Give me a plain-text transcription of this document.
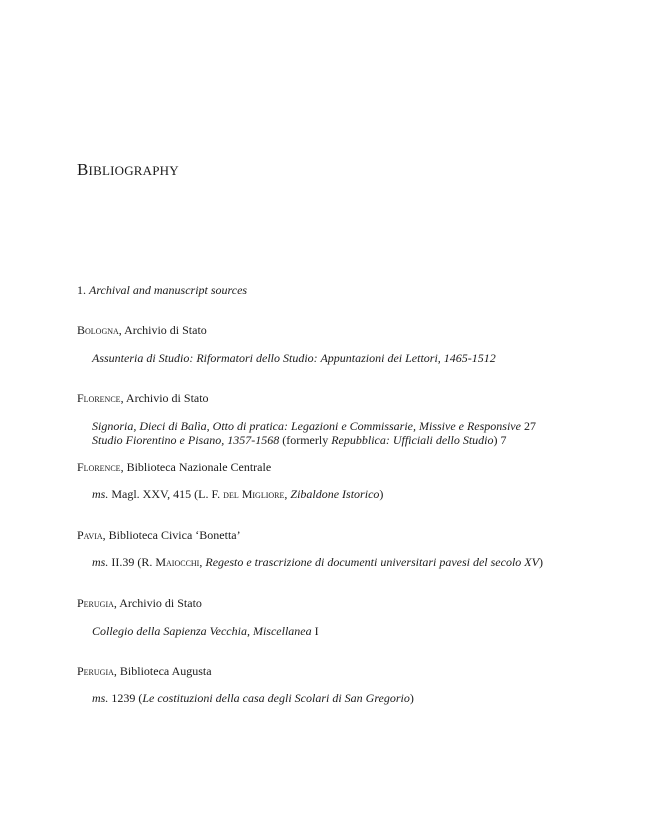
BIBLIOGRAPHY
1. Archival and manuscript sources
Bologna, Archivio di Stato
Assunteria di Studio: Riformatori dello Studio: Appuntazioni dei Lettori, 1465-1512
Florence, Archivio di Stato
Signoria, Dieci di Balìa, Otto di pratica: Legazioni e Commissarie, Missive e Responsive 27
Studio Fiorentino e Pisano, 1357-1568 (formerly Repubblica: Ufficiali dello Studio) 7
Florence, Biblioteca Nazionale Centrale
ms. Magl. XXV, 415 (L. F. del Migliore, Zibaldone Istorico)
Pavia, Biblioteca Civica ‘Bonetta’
ms. II.39 (R. Maiocchi, Regesto e trascrizione di documenti universitari pavesi del secolo XV)
Perugia, Archivio di Stato
Collegio della Sapienza Vecchia, Miscellanea I
Perugia, Biblioteca Augusta
ms. 1239 (Le costituzioni della casa degli Scolari di San Gregorio)
